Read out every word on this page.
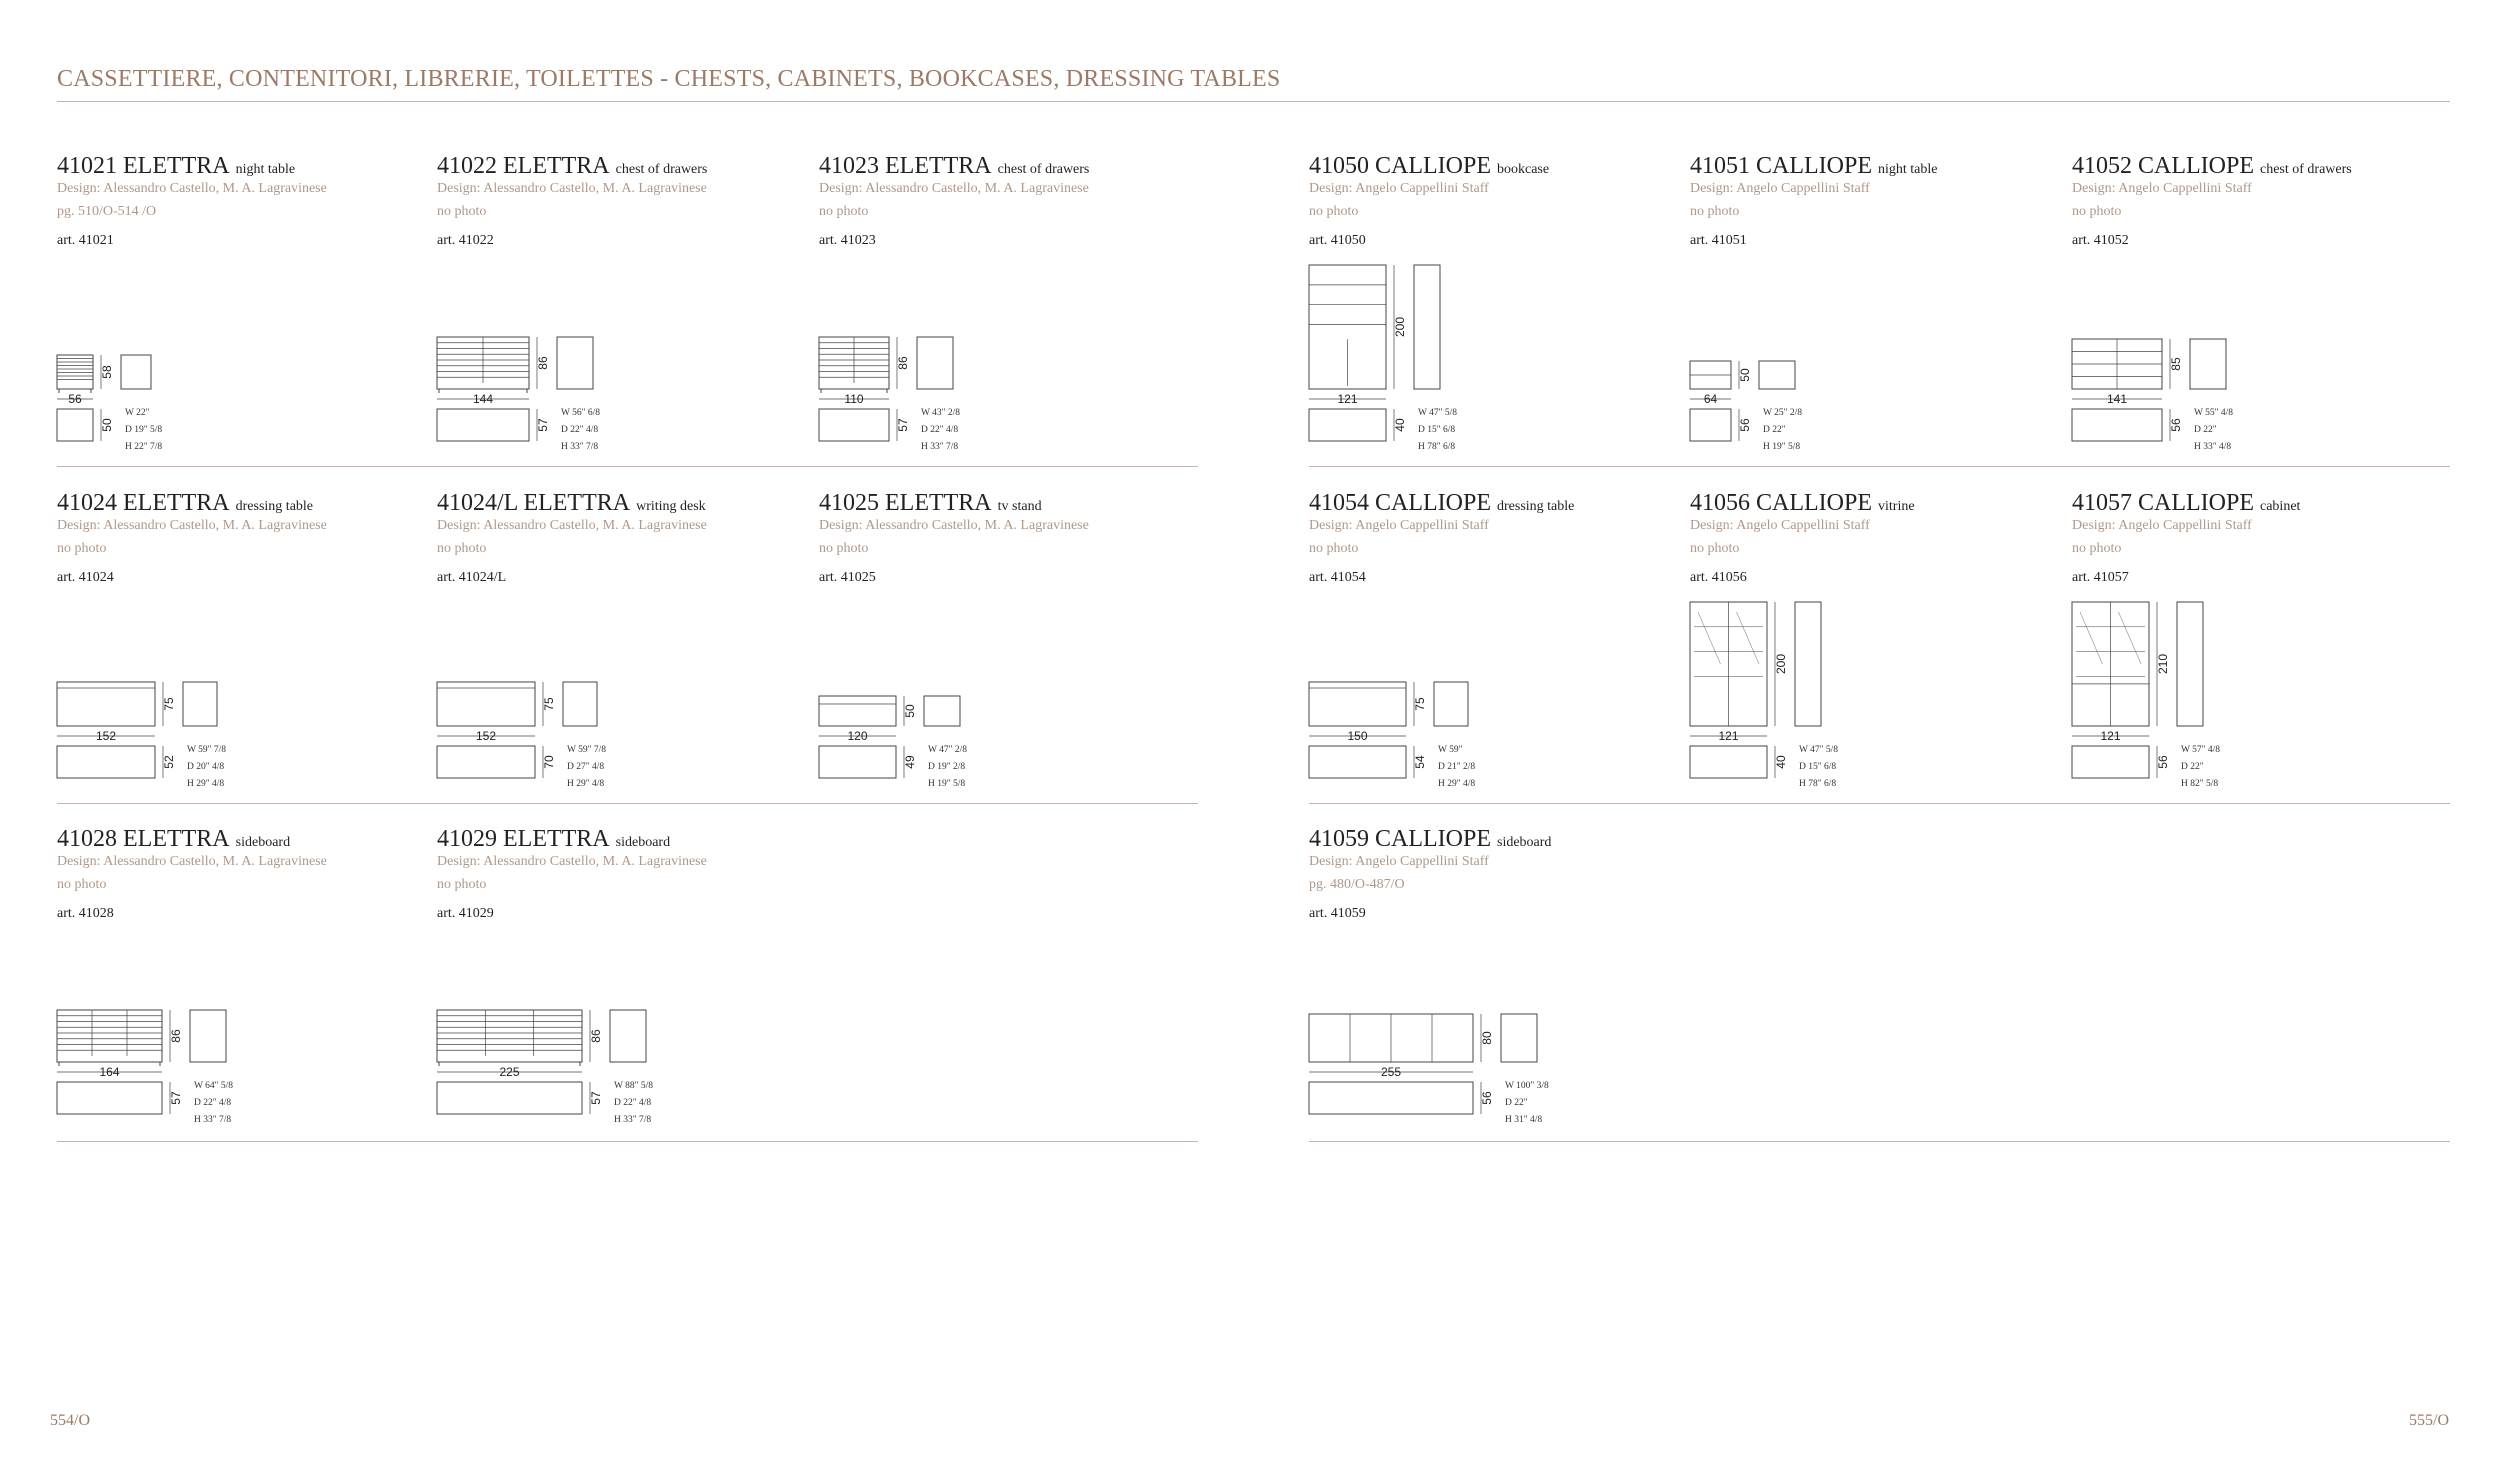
CASSETTIERE, CONTENITORI, LIBRERIE, TOILETTES - CHESTS, CABINETS, BOOKCASES, DRESSING TABLES
41021 ELETTRA night table
Design: Alessandro Castello, M. A. Lagravinese
pg. 510/O-514 /O
art. 41021
58
56
50
W 22"
D 19" 5/8
H 22" 7/8
41022 ELETTRA chest of drawers
Design: Alessandro Castello, M. A. Lagravinese
no photo
art. 41022
86
144
57
W 56" 6/8
D 22" 4/8
H 33" 7/8
41023 ELETTRA chest of drawers
Design: Alessandro Castello, M. A. Lagravinese
no photo
art. 41023
86
110
57
W 43" 2/8
D 22" 4/8
H 33" 7/8
41050 CALLIOPE bookcase
Design: Angelo Cappellini Staff
no photo
art. 41050
200
121
40
W 47" 5/8
D 15" 6/8
H 78" 6/8
41051 CALLIOPE night table
Design: Angelo Cappellini Staff
no photo
art. 41051
50
64
56
W 25" 2/8
D 22"
H 19" 5/8
41052 CALLIOPE chest of drawers
Design: Angelo Cappellini Staff
no photo
art. 41052
85
141
56
W 55" 4/8
D 22"
H 33" 4/8
41024 ELETTRA dressing table
Design: Alessandro Castello, M. A. Lagravinese
no photo
art. 41024
75
152
52
W 59" 7/8
D 20" 4/8
H 29" 4/8
41024/L ELETTRA writing desk
Design: Alessandro Castello, M. A. Lagravinese
no photo
art. 41024/L
75
152
70
W 59" 7/8
D 27" 4/8
H 29" 4/8
41025 ELETTRA tv stand
Design: Alessandro Castello, M. A. Lagravinese
no photo
art. 41025
50
120
49
W 47" 2/8
D 19" 2/8
H 19" 5/8
41054 CALLIOPE dressing table
Design: Angelo Cappellini Staff
no photo
art. 41054
75
150
54
W 59"
D 21" 2/8
H 29" 4/8
41056 CALLIOPE vitrine
Design: Angelo Cappellini Staff
no photo
art. 41056
200
121
40
W 47" 5/8
D 15" 6/8
H 78" 6/8
41057 CALLIOPE cabinet
Design: Angelo Cappellini Staff
no photo
art. 41057
210
121
56
W 57" 4/8
D 22"
H 82" 5/8
41028 ELETTRA sideboard
Design: Alessandro Castello, M. A. Lagravinese
no photo
art. 41028
86
164
57
W 64" 5/8
D 22" 4/8
H 33" 7/8
41029 ELETTRA sideboard
Design: Alessandro Castello, M. A. Lagravinese
no photo
art. 41029
86
225
57
W 88" 5/8
D 22" 4/8
H 33" 7/8
41059 CALLIOPE sideboard
Design: Angelo Cappellini Staff
pg. 480/O-487/O
art. 41059
80
255
56
W 100" 3/8
D 22"
H 31" 4/8
554/O	555/O
